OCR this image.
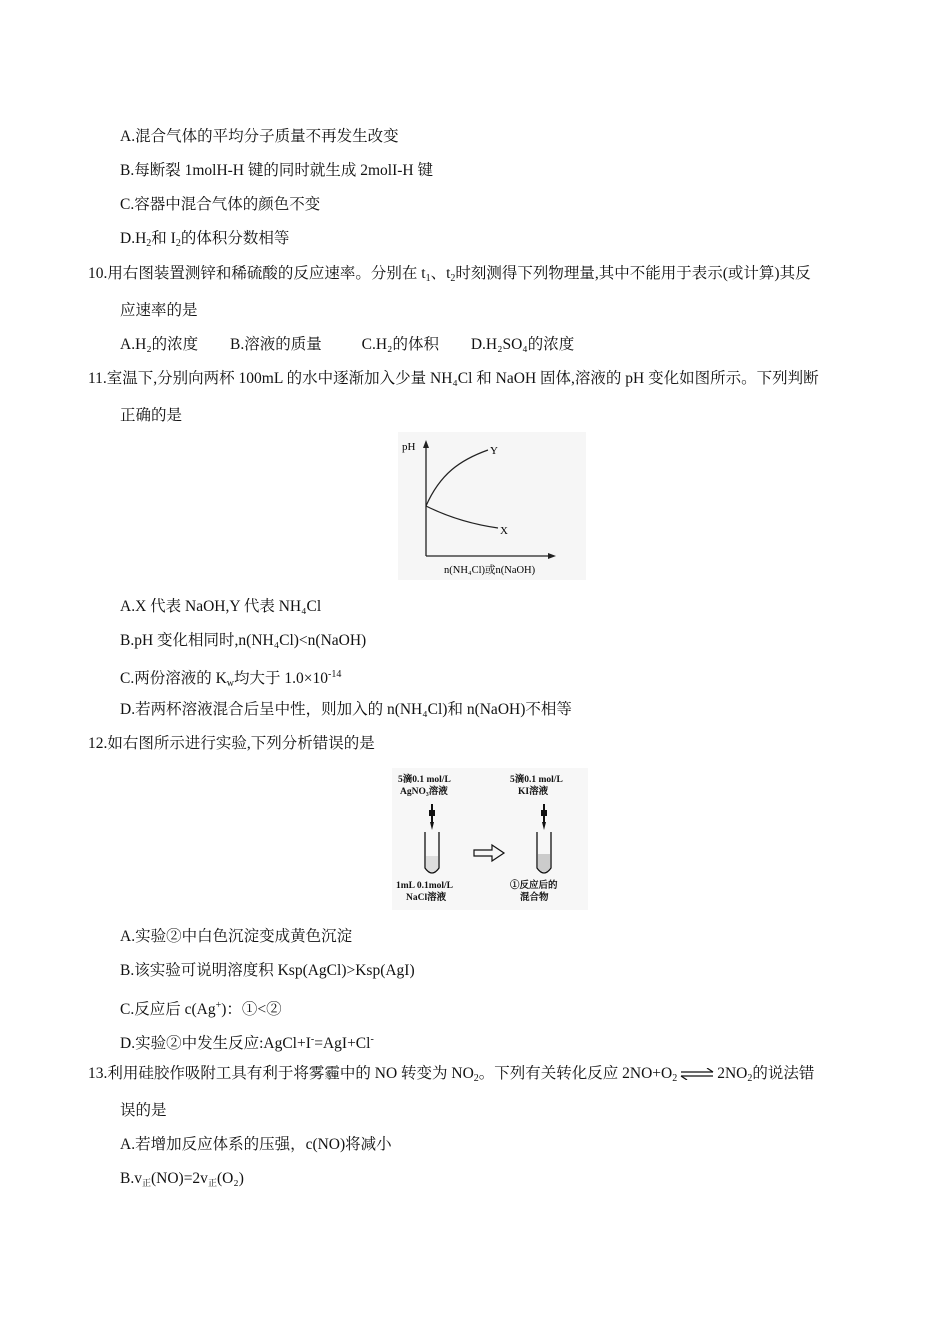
A.混合气体的平均分子质量不再发生改变
B.每断裂 1molH-H 键的同时就生成 2molI-H 键
C.容器中混合气体的颜色不变
$D.H_2$和 $I_2$的体积分数相等
10.用右图装置测锌和稀硫酸的反应速率。分别在 $t_1$、$t_2$时刻测得下列物理量,其中不能用于表示(或计算)其反
应速率的是
A.H₂的浓度 B.溶液的质量	C.H₂的体积 D.H₂SO₄的浓度
11.室温下,分别向两杯 100mL 的水中逐渐加入少量 NH₄Cl 和 NaOH 固体,溶液的 pH 变化如图所示。下列判断
正确的是
pH	Y
X
n(NH₄Cl)或n(NaOH)
A.X 代表 NaOH,Y 代表 NH₄Cl
B.pH 变化相同时,n(NH₄Cl)<n(NaOH)
C.两份溶液的 $K_w$均大于 $1.0\times 10^{-14}$
D.若两杯溶液混合后呈中性，则加入的 n(NH₄Cl)和 n(NaOH)不相等
12.如右图所示进行实验,下列分析错误的是
5滴0.1 mol/L
AgNO₃溶液
5滴0.1 mol/L
KI溶液
1mL 0.1mol/L
NaCl溶液
①反应后的
混合物
A.实验②中白色沉淀变成黄色沉淀
B.该实验可说明溶度积 Ksp(AgCl)>Ksp(AgI)
C.反应后 c(Ag+)：①<②
D.实验②中发生反应:AgCl+I-=AgI+Cl-
13.利用硅胶作吸附工具有利于将雾霾中的 NO 转变为 $NO_2$。下列有关转化反应 $2NO+O_2$ ⇌ $2NO_2$的说法错
误的是
A.若增加反应体系的压强，c(NO)将减小
$B.v_正(NO)=2v_正(O_2)$
